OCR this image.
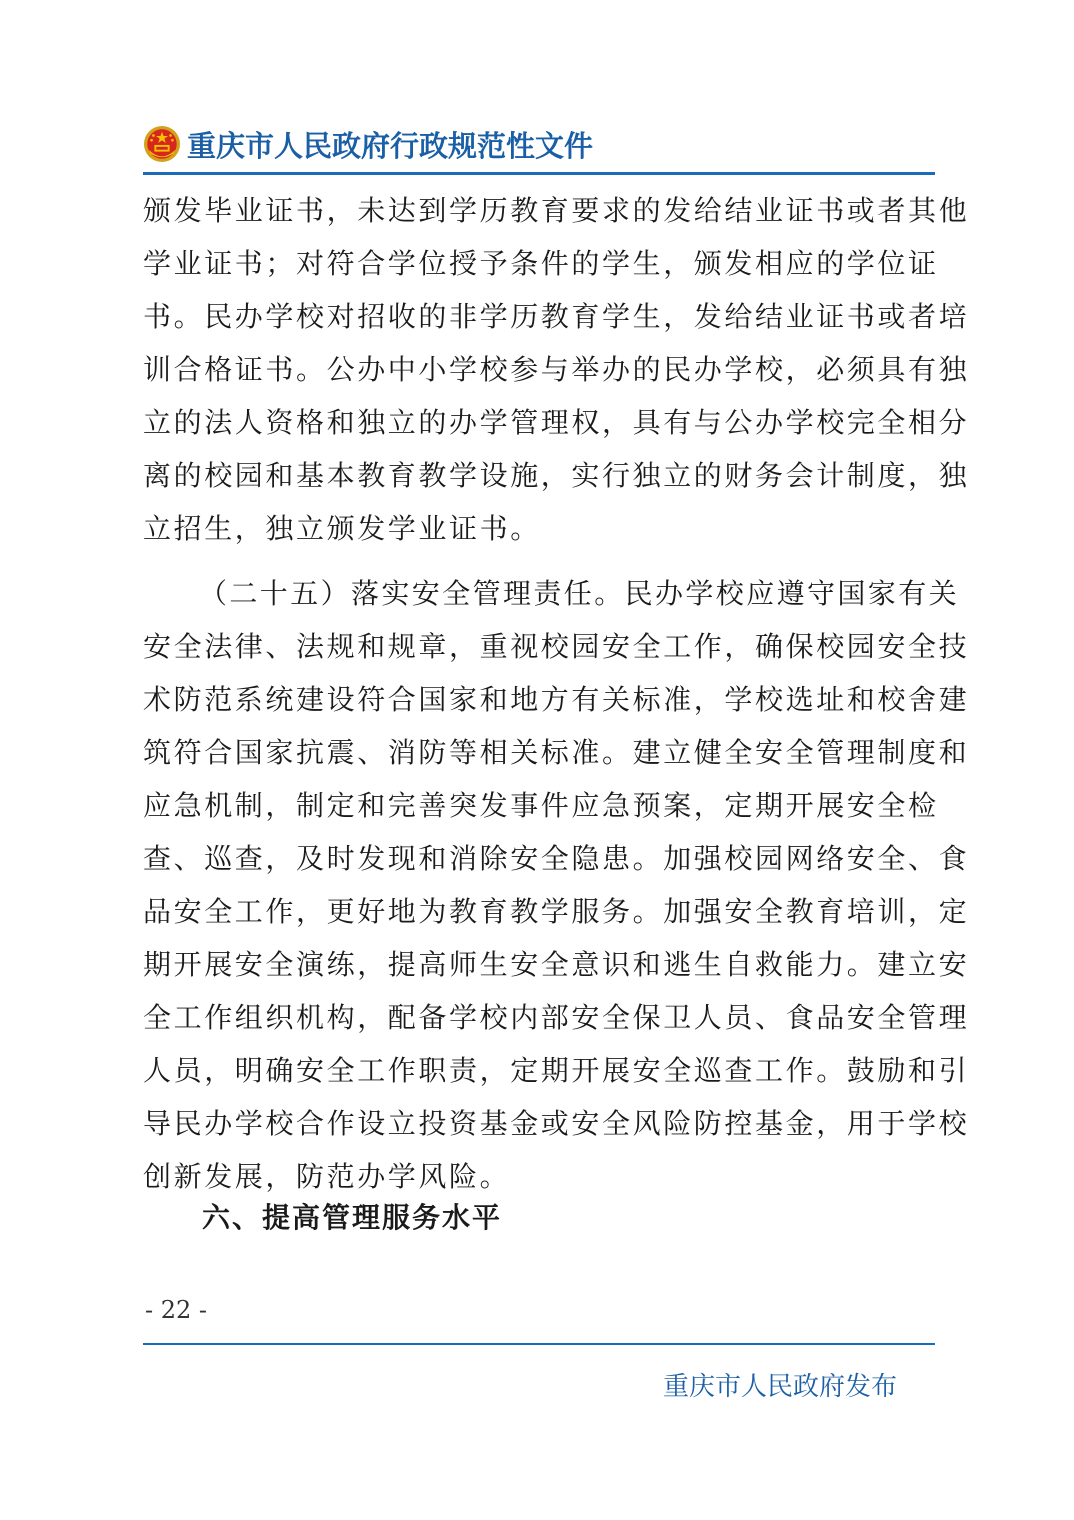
重庆市人民政府行政规范性文件
颁发毕业证书，未达到学历教育要求的发给结业证书或者其他
学业证书；对符合学位授予条件的学生，颁发相应的学位证
书。民办学校对招收的非学历教育学生，发给结业证书或者培
训合格证书。公办中小学校参与举办的民办学校，必须具有独
立的法人资格和独立的办学管理权，具有与公办学校完全相分
离的校园和基本教育教学设施，实行独立的财务会计制度，独
立招生，独立颁发学业证书。
（二十五）落实安全管理责任。民办学校应遵守国家有关
安全法律、法规和规章，重视校园安全工作，确保校园安全技
术防范系统建设符合国家和地方有关标准，学校选址和校舍建
筑符合国家抗震、消防等相关标准。建立健全安全管理制度和
应急机制，制定和完善突发事件应急预案，定期开展安全检
查、巡查，及时发现和消除安全隐患。加强校园网络安全、食
品安全工作，更好地为教育教学服务。加强安全教育培训，定
期开展安全演练，提高师生安全意识和逃生自救能力。建立安
全工作组织机构，配备学校内部安全保卫人员、食品安全管理
人员，明确安全工作职责，定期开展安全巡查工作。鼓励和引
导民办学校合作设立投资基金或安全风险防控基金，用于学校
创新发展，防范办学风险。
六、提高管理服务水平
- 22 -
重庆市人民政府发布
